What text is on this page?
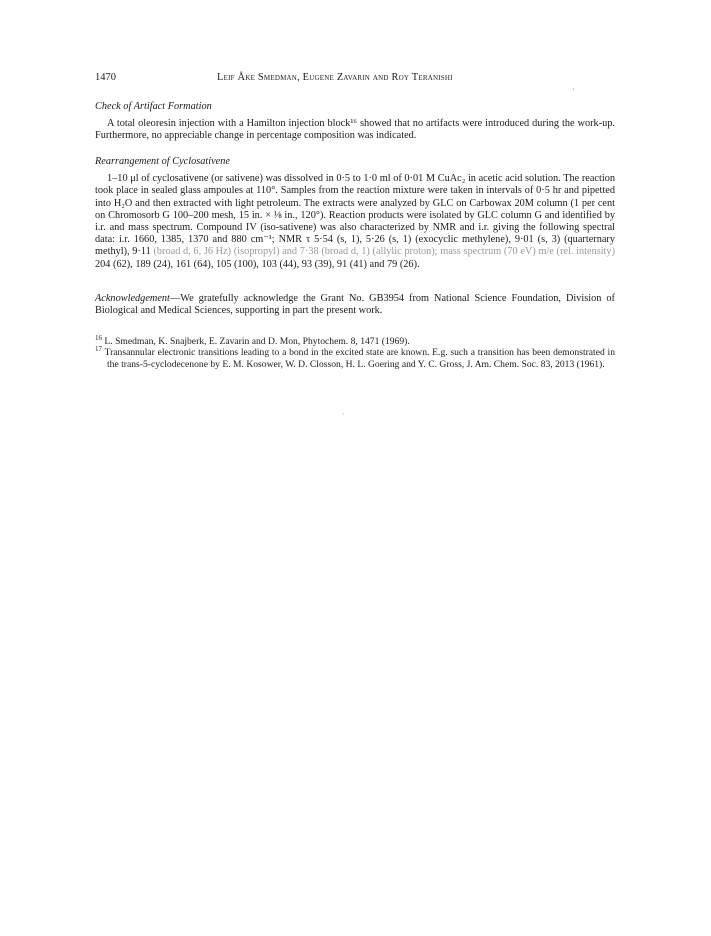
1470	Leif Åke Smedman, Eugene Zavarin and Roy Teranishi
·
Check of Artifact Formation

A total oleoresin injection with a Hamilton injection block¹⁶ showed that no artifacts were introduced during the work-up. Furthermore, no appreciable change in percentage composition was indicated.

Rearrangement of Cyclosativene

1–10 μl of cyclosativene (or sativene) was dissolved in 0·5 to 1·0 ml of 0·01 M CuAc₂ in acetic acid solution. The reaction took place in sealed glass ampoules at 110°. Samples from the reaction mixture were taken in intervals of 0·5 hr and pipetted into H₂O and then extracted with light petroleum. The extracts were analyzed by GLC on Carbowax 20M column (1 per cent on Chromosorb G 100–200 mesh, 15 in. × ⅛ in., 120°). Reaction products were isolated by GLC column G and identified by i.r. and mass spectrum. Compound IV (iso-sativene) was also characterized by NMR and i.r. giving the following spectral data: i.r. 1660, 1385, 1370 and 880 cm⁻¹; NMR τ 5·54 (s, 1), 5·26 (s, 1) (exocyclic methylene), 9·01 (s, 3) (quarternary methyl), 9·11 (broad d, 6, J6 Hz) (isopropyl) and 7·38 (broad d, 1) (allylic proton); mass spectrum (70 eV) m/e (rel. intensity) 204 (62), 189 (24), 161 (64), 105 (100), 103 (44), 93 (39), 91 (41) and 79 (26).

Acknowledgement—We gratefully acknowledge the Grant No. GB3954 from National Science Foundation, Division of Biological and Medical Sciences, supporting in part the present work.
$^{16}$ L. Smedman, K. Snajberk, E. Zavarin and D. Mon, Phytochem. 8, 1471 (1969).
$^{17}$ Transannular electronic transitions leading to a bond in the excited state are known. E.g. such a transition has been demonstrated in the trans-5-cyclodecenone by E. M. Kosower, W. D. Closson, H. L. Goering and Y. C. Gross, J. Am. Chem. Soc. 83, 2013 (1961).
·
